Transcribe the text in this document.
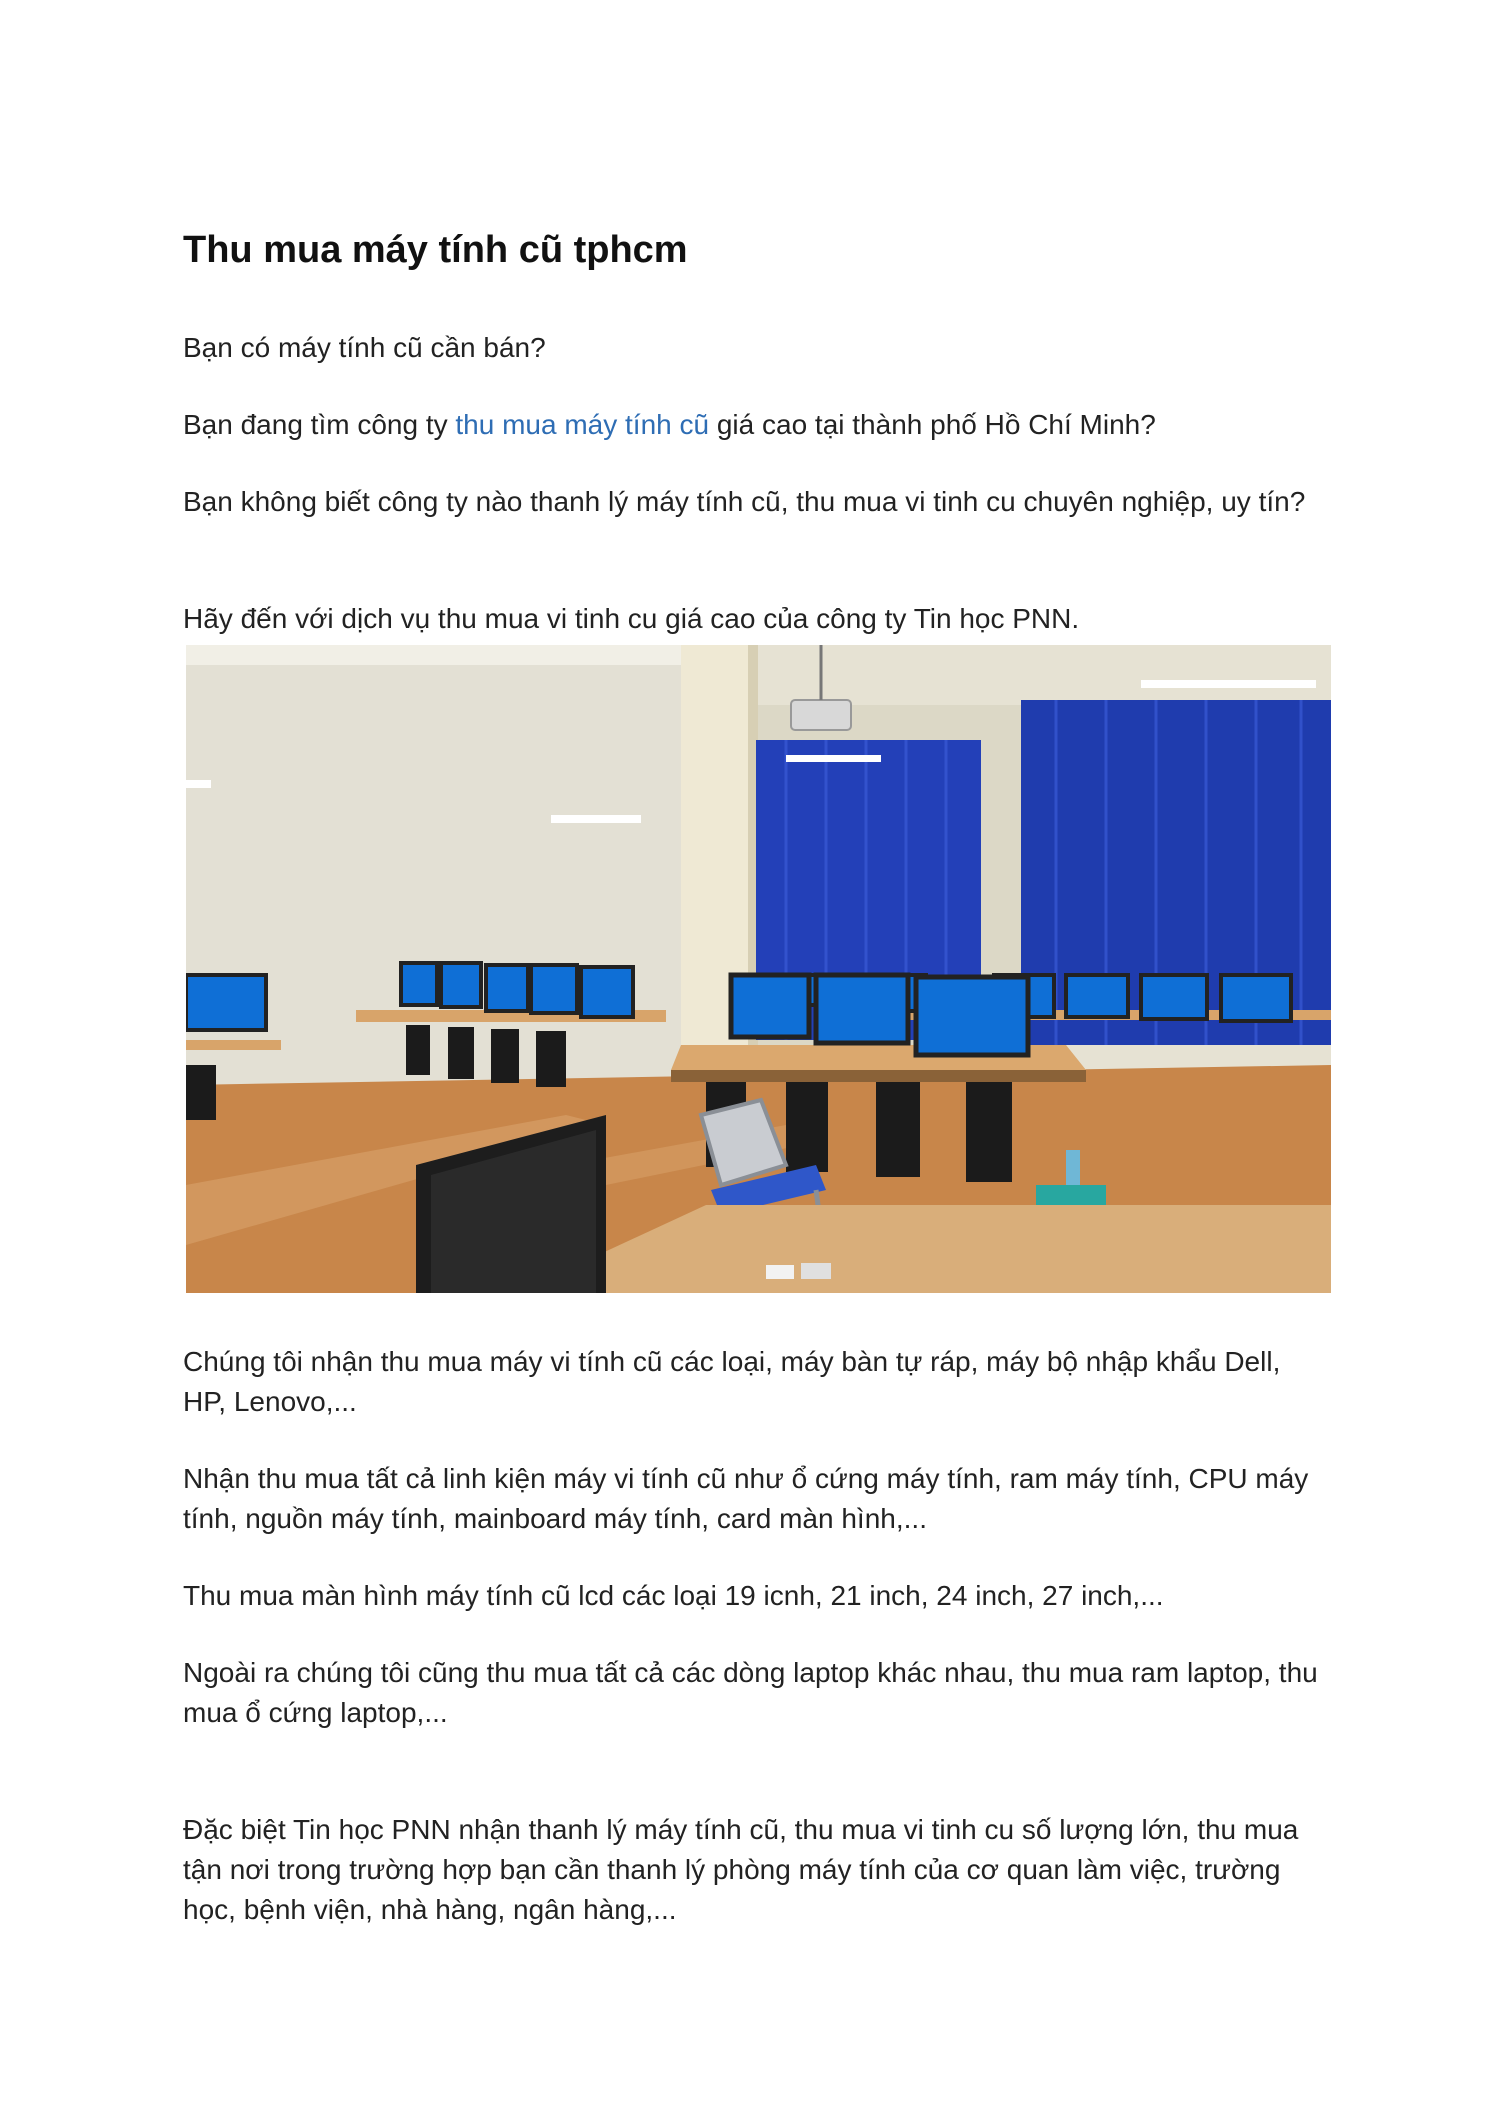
Thu mua máy tính cũ tphcm

Bạn có máy tính cũ cần bán?

Bạn đang tìm công ty thu mua máy tính cũ giá cao tại thành phố Hồ Chí Minh?

Bạn không biết công ty nào thanh lý máy tính cũ, thu mua vi tinh cu chuyên nghiệp, uy tín?

Hãy đến với dịch vụ thu mua vi tinh cu giá cao của công ty Tin học PNN.

Chúng tôi nhận thu mua máy vi tính cũ các loại, máy bàn tự ráp, máy bộ nhập khẩu Dell, HP, Lenovo,...

Nhận thu mua tất cả linh kiện máy vi tính cũ như ổ cứng máy tính, ram máy tính, CPU máy tính, nguồn máy tính, mainboard máy tính, card màn hình,...

Thu mua màn hình máy tính cũ lcd các loại 19 icnh, 21 inch, 24 inch, 27 inch,...

Ngoài ra chúng tôi cũng thu mua tất cả các dòng laptop khác nhau, thu mua ram laptop, thu mua ổ cứng laptop,...

Đặc biệt Tin học PNN nhận thanh lý máy tính cũ, thu mua vi tinh cu số lượng lớn, thu mua tận nơi trong trường hợp bạn cần thanh lý phòng máy tính của cơ quan làm việc, trường học, bệnh viện, nhà hàng, ngân hàng,...
